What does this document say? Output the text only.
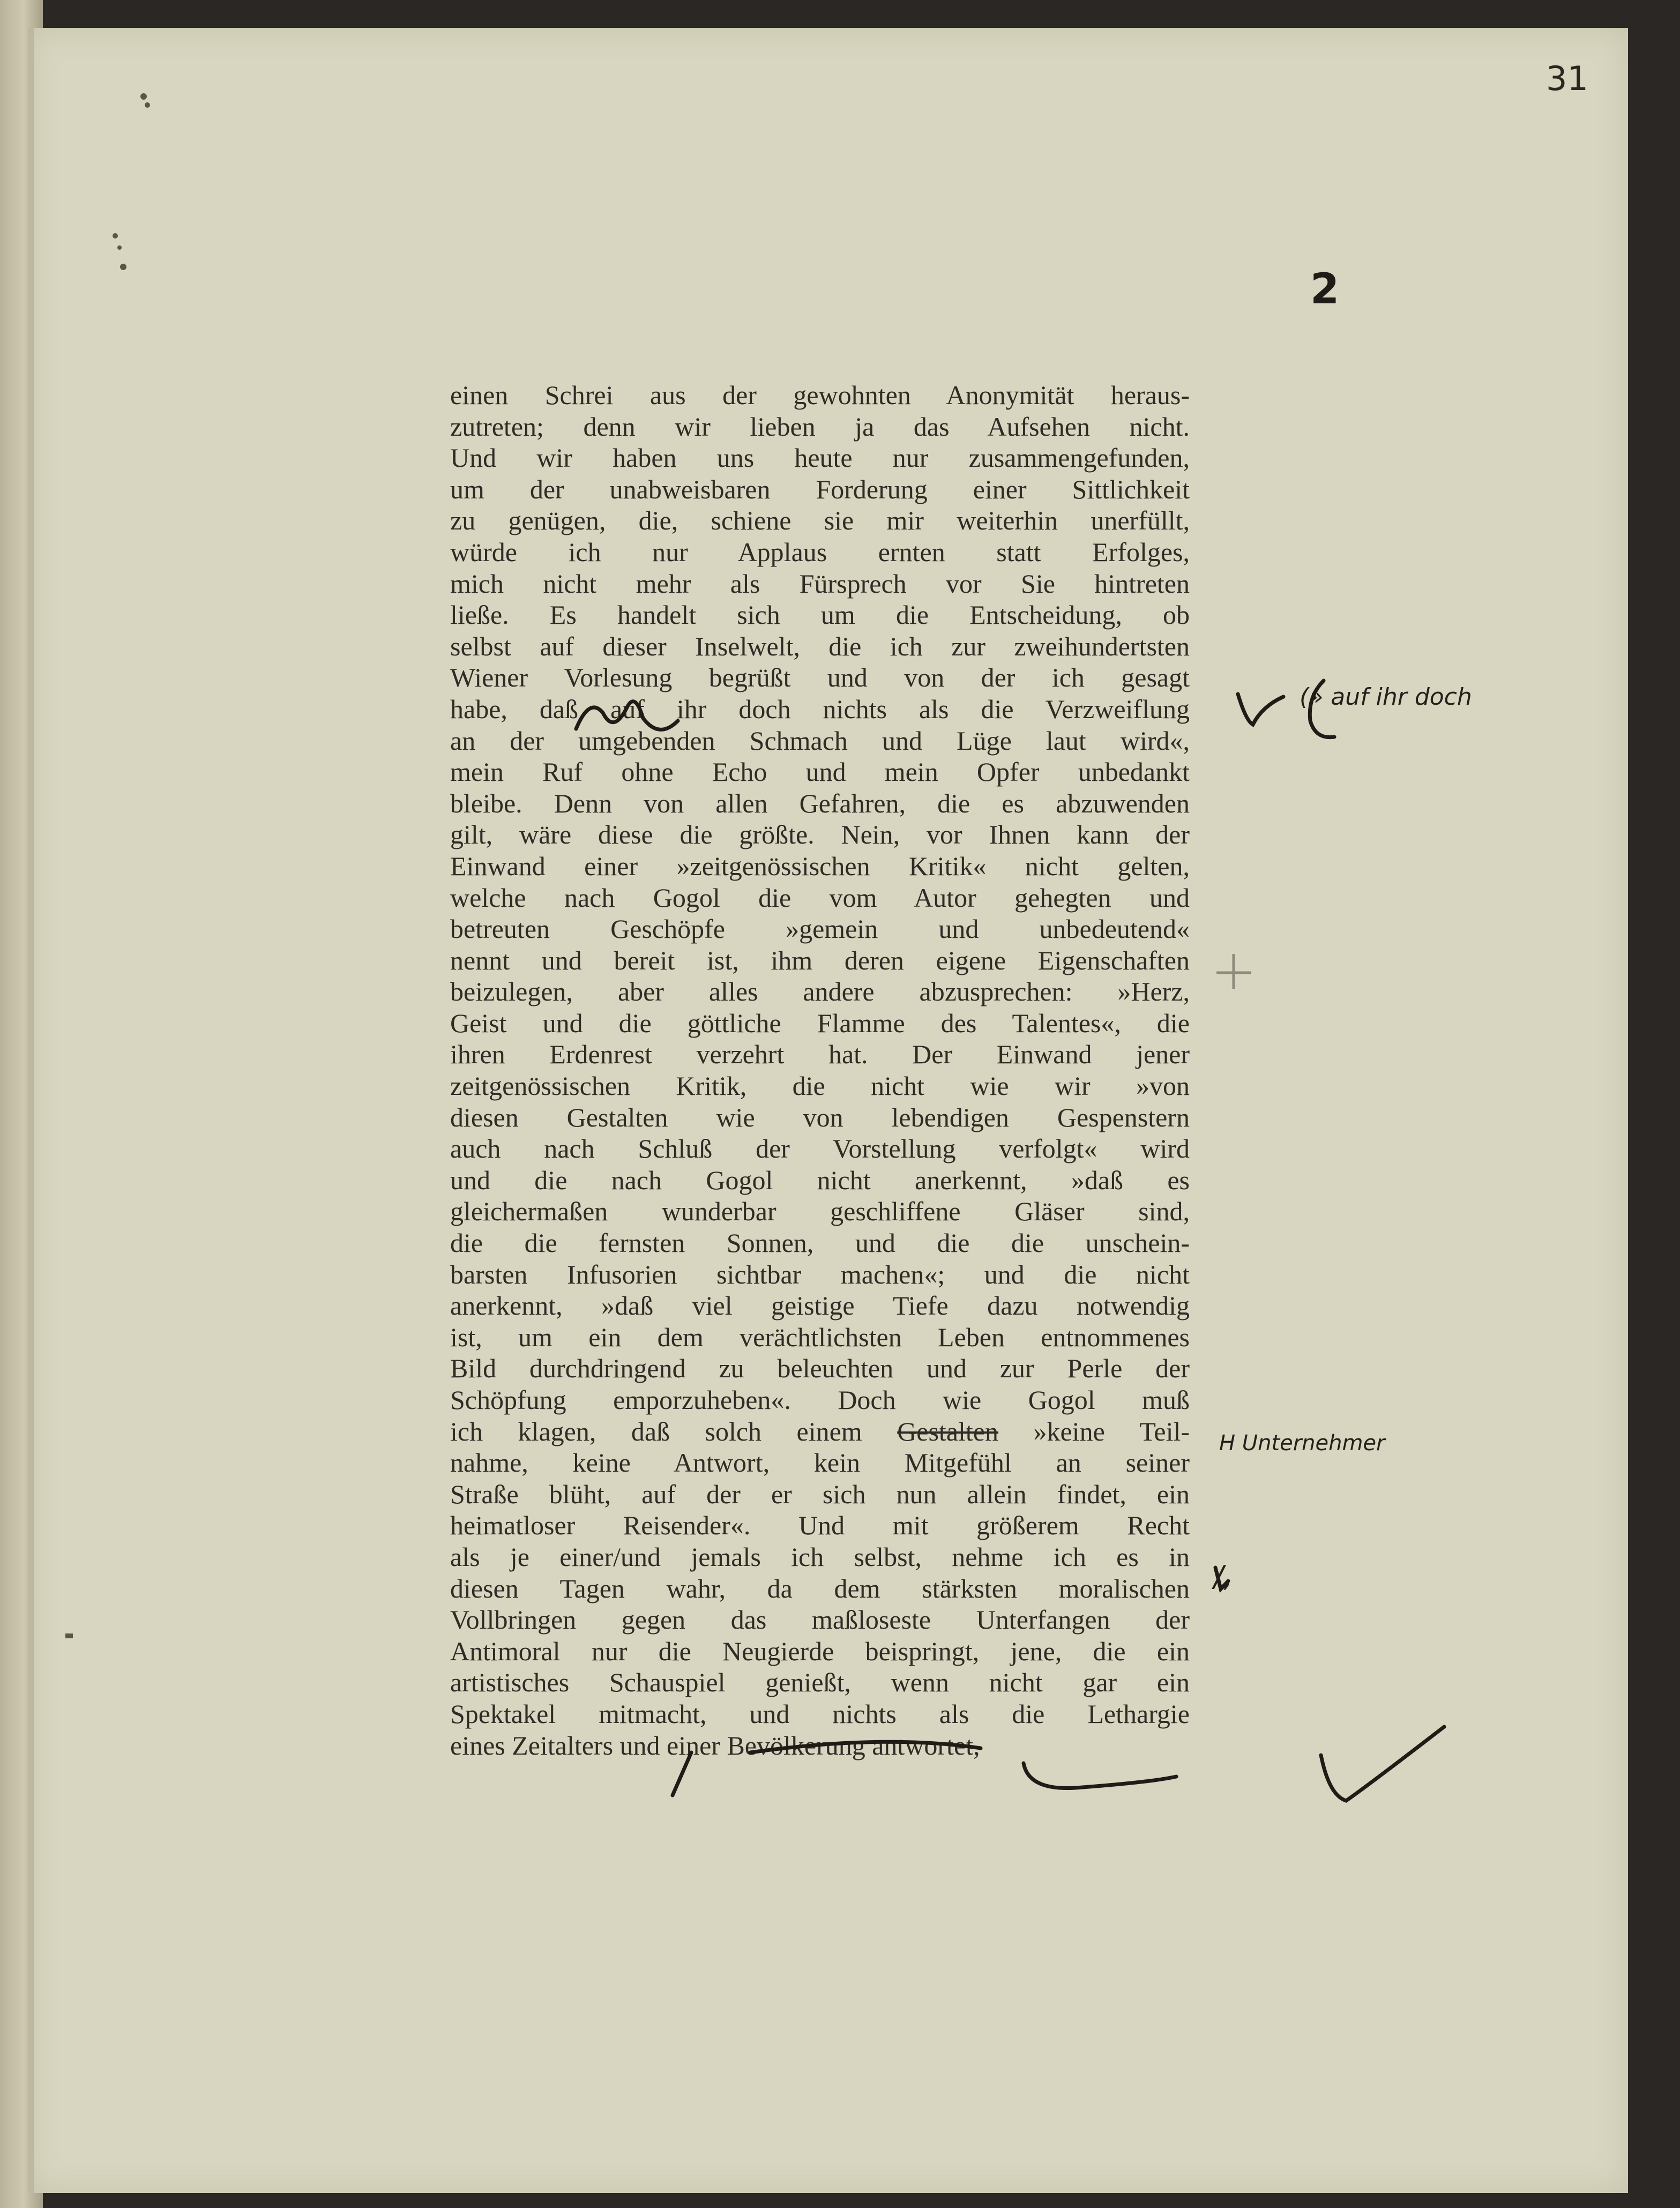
31
2
einen Schrei aus der gewohnten Anonymität heraus-
zutreten; denn wir lieben ja das Aufsehen nicht.
Und wir haben uns heute nur zusammengefunden,
um der unabweisbaren Forderung einer Sittlichkeit
zu genügen, die, schiene sie mir weiterhin unerfüllt,
würde ich nur Applaus ernten statt Erfolges,
mich nicht mehr als Fürsprech vor Sie hintreten
ließe. Es handelt sich um die Entscheidung, ob
selbst auf dieser Inselwelt, die ich zur zweihundertsten
Wiener Vorlesung begrüßt und von der ich gesagt
habe, daß auf ihr doch nichts als die Verzweiflung
an der umgebenden Schmach und Lüge laut wird«,
mein Ruf ohne Echo und mein Opfer unbedankt
bleibe. Denn von allen Gefahren, die es abzuwenden
gilt, wäre diese die größte. Nein, vor Ihnen kann der
Einwand einer »zeitgenössischen Kritik« nicht gelten,
welche nach Gogol die vom Autor gehegten und
betreuten Geschöpfe »gemein und unbedeutend«
nennt und bereit ist, ihm deren eigene Eigenschaften
beizulegen, aber alles andere abzusprechen: »Herz,
Geist und die göttliche Flamme des Talentes«, die
ihren Erdenrest verzehrt hat. Der Einwand jener
zeitgenössischen Kritik, die nicht wie wir »von
diesen Gestalten wie von lebendigen Gespenstern
auch nach Schluß der Vorstellung verfolgt« wird
und die nach Gogol nicht anerkennt, »daß es
gleichermaßen wunderbar geschliffene Gläser sind,
die die fernsten Sonnen, und die die unschein-
barsten Infusorien sichtbar machen«; und die nicht
anerkennt, »daß viel geistige Tiefe dazu notwendig
ist, um ein dem verächtlichsten Leben entnommenes
Bild durchdringend zu beleuchten und zur Perle der
Schöpfung emporzuheben«. Doch wie Gogol muß
ich klagen, daß solch einem Gestalten »keine Teil-
nahme, keine Antwort, kein Mitgefühl an seiner
Straße blüht, auf der er sich nun allein findet, ein
heimatloser Reisender«. Und mit größerem Recht
als je einer/und jemals ich selbst, nehme ich es in
diesen Tagen wahr, da dem stärksten moralischen
Vollbringen gegen das maßloseste Unterfangen der
Antimoral nur die Neugierde beispringt, jene, die ein
artistisches Schauspiel genießt, wenn nicht gar ein
Spektakel mitmacht, und nichts als die Lethargie
eines Zeitalters und einer Bevölkerung antwortet,
(» auf ihr doch
H Unternehmer
/,
